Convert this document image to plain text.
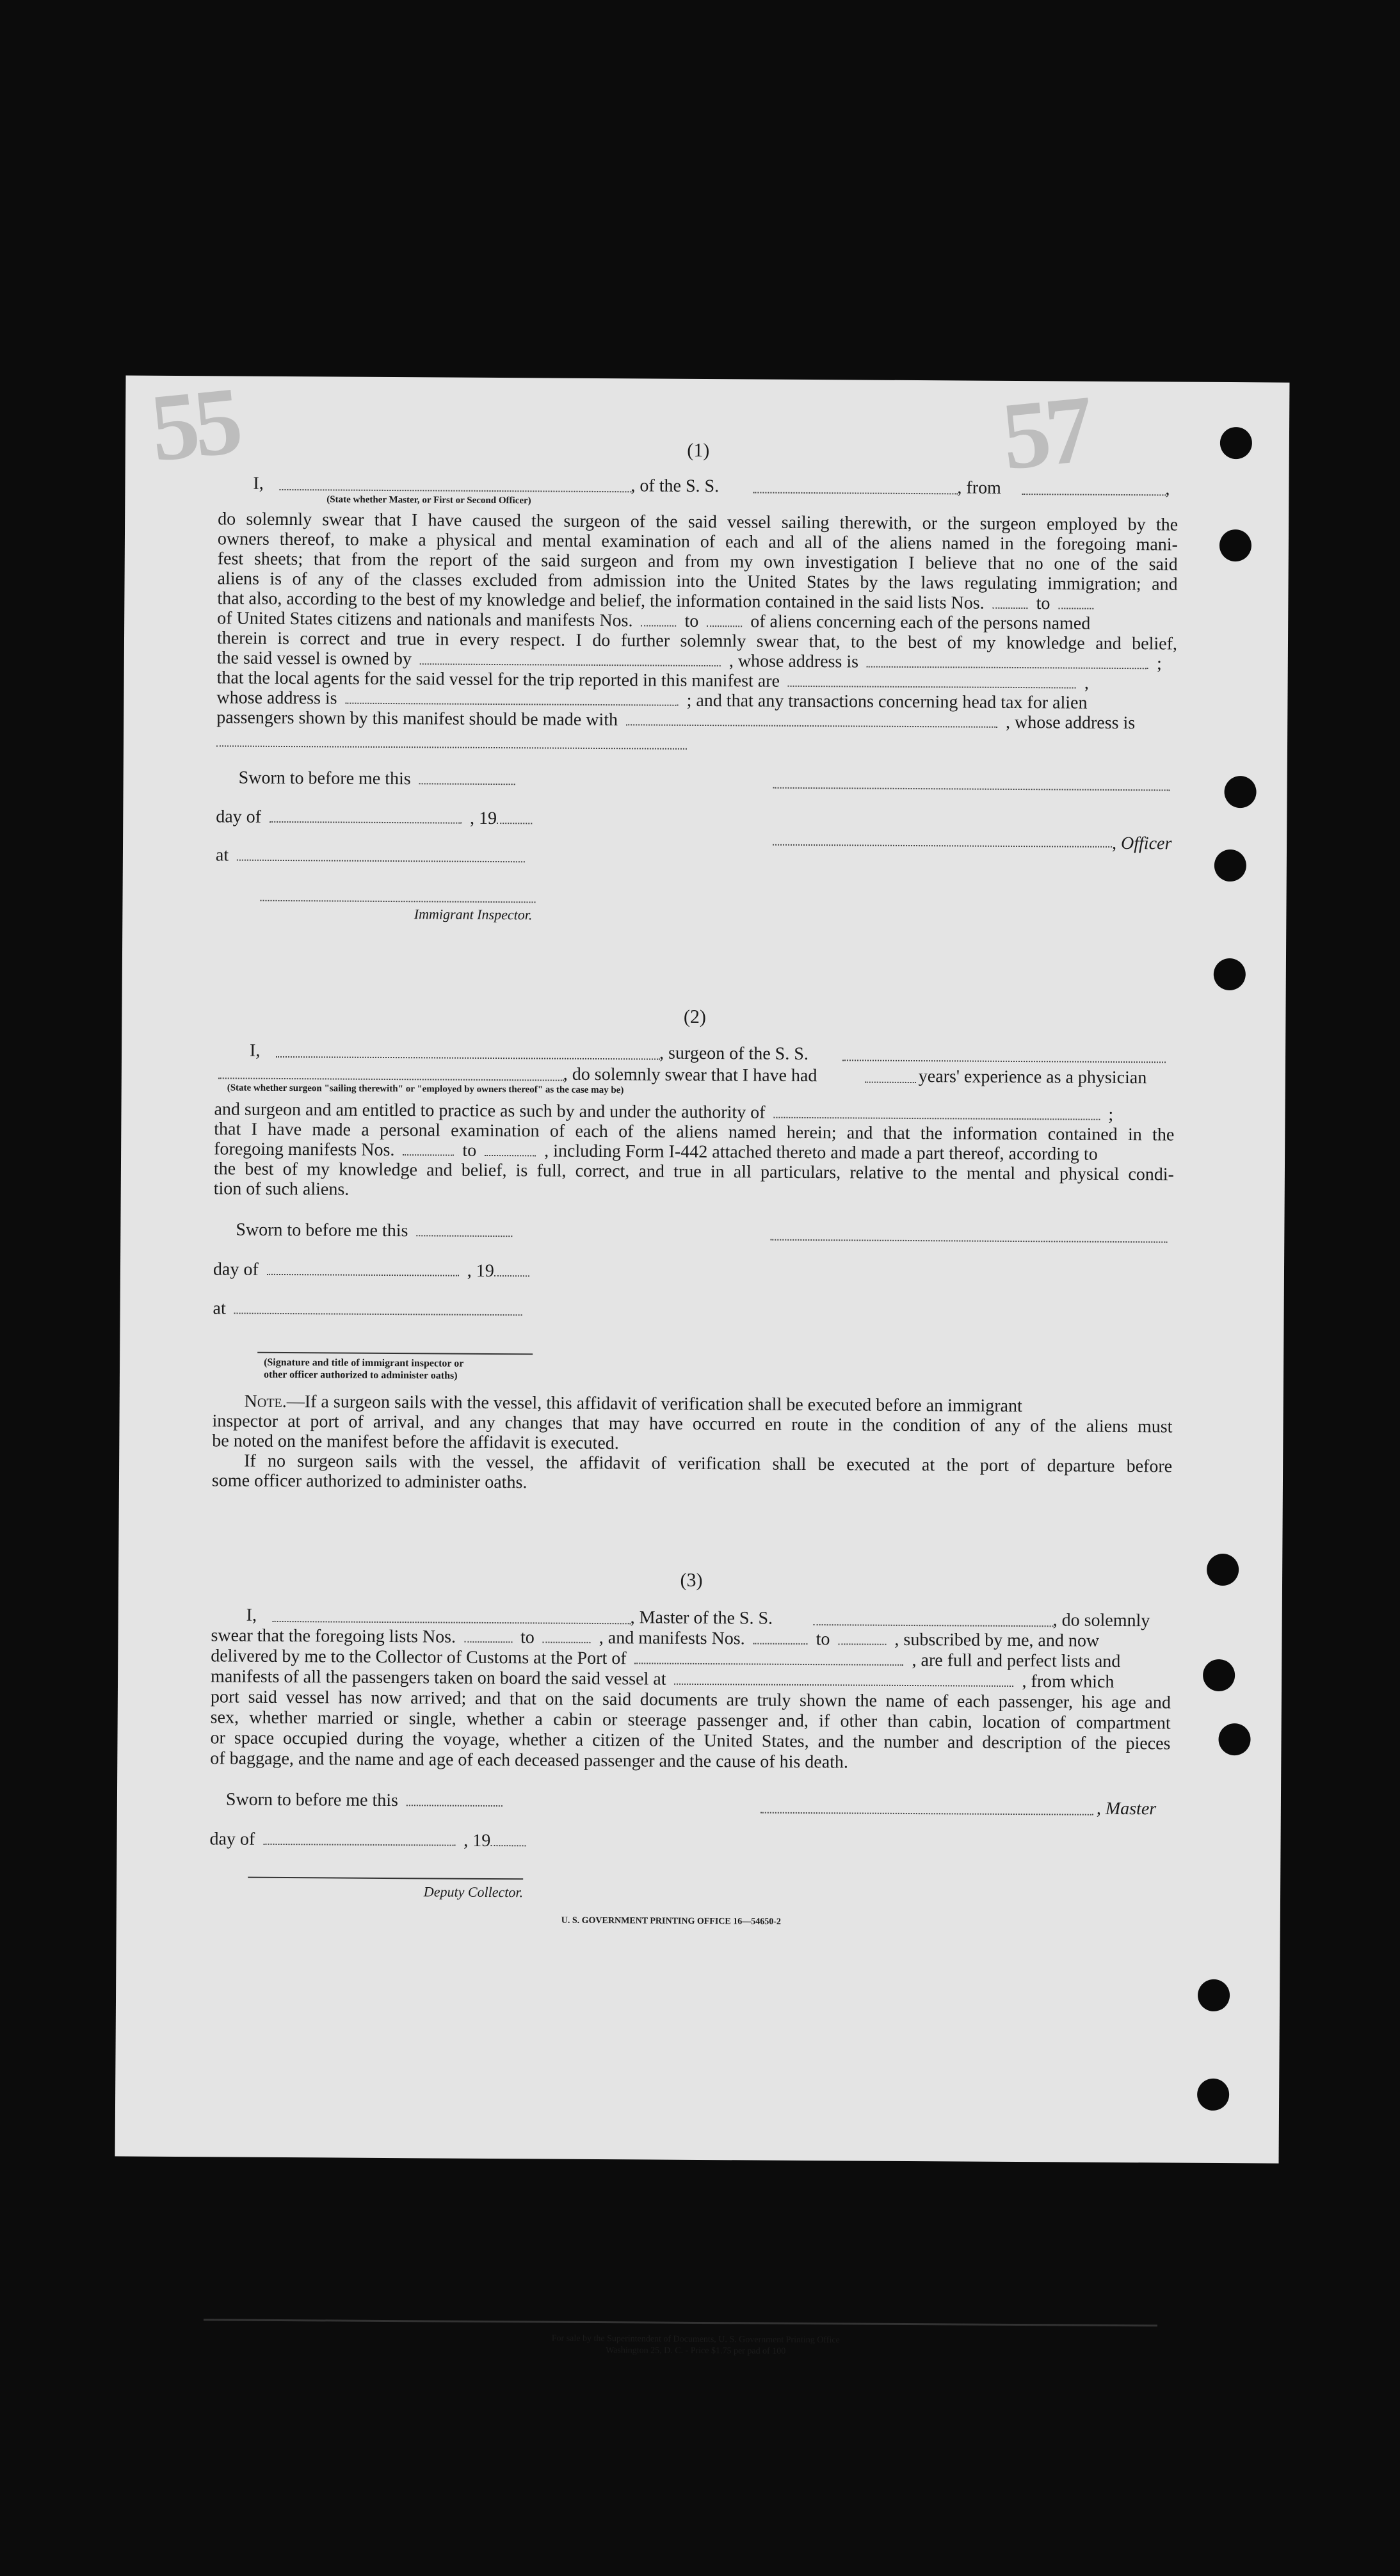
55	57
(1)
I,	, of the S. S.	, from	,
(State whether Master, or First or Second Officer)
do solemnly swear that I have caused the surgeon of the said vessel sailing therewith, or the surgeon employed by the
owners thereof, to make a physical and mental examination of each and all of the aliens named in the foregoing mani-
fest sheets; that from the report of the said surgeon and from my own investigation I believe that no one of the said
aliens is of any of the classes excluded from admission into the United States by the laws regulating immigration; and
that also, according to the best of my knowledge and belief, the information contained in the said lists Nos.	to
of United States citizens and nationals and manifests Nos.	to	of aliens concerning each of the persons named
therein is correct and true in every respect. I do further solemnly swear that, to the best of my knowledge and belief,
the said vessel is owned by	, whose address is	;
that the local agents for the said vessel for the trip reported in this manifest are	,
whose address is	; and that any transactions concerning head tax for alien
passengers shown by this manifest should be made with	, whose address is
Sworn to before me this
day of	, 19
, Officer
at
Immigrant Inspector.
(2)
I,	, surgeon of the S. S.
, do solemnly swear that I have had	years' experience as a physician
(State whether surgeon "sailing therewith" or "employed by owners thereof" as the case may be)
and surgeon and am entitled to practice as such by and under the authority of	;
that I have made a personal examination of each of the aliens named herein; and that the information contained in the
foregoing manifests Nos.	to	, including Form I-442 attached thereto and made a part thereof, according to
the best of my knowledge and belief, is full, correct, and true in all particulars, relative to the mental and physical condi-
tion of such aliens.
Sworn to before me this
day of	, 19
at
(Signature and title of immigrant inspector or
other officer authorized to administer oaths)
Note.—If a surgeon sails with the vessel, this affidavit of verification shall be executed before an immigrant
inspector at port of arrival, and any changes that may have occurred en route in the condition of any of the aliens must
be noted on the manifest before the affidavit is executed.
If no surgeon sails with the vessel, the affidavit of verification shall be executed at the port of departure before
some officer authorized to administer oaths.
(3)
I,	, Master of the S. S.	, do solemnly
swear that the foregoing lists Nos.	to	, and manifests Nos.	to	, subscribed by me, and now
delivered by me to the Collector of Customs at the Port of	, are full and perfect lists and
manifests of all the passengers taken on board the said vessel at	, from which
port said vessel has now arrived; and that on the said documents are truly shown the name of each passenger, his age and
sex, whether married or single, whether a cabin or steerage passenger and, if other than cabin, location of compartment
or space occupied during the voyage, whether a citizen of the United States, and the number and description of the pieces
of baggage, and the name and age of each deceased passenger and the cause of his death.
Sworn to before me this	, Master
day of	, 19
Deputy Collector.
U. S. GOVERNMENT PRINTING OFFICE 16—54650-2
For sale by the Superintendent of Documents, U. S. Government Printing Office
Washington 25, D. C. - Price $1.75 per pad of 100
